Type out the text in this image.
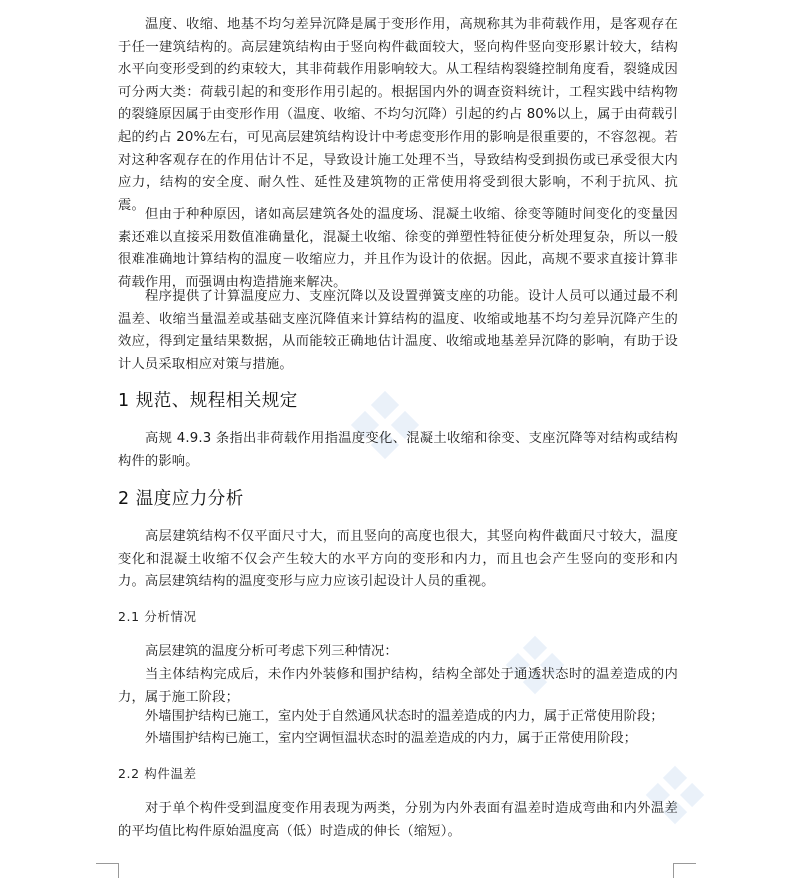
温度、收缩、地基不均匀差异沉降是属于变形作用，高规称其为非荷载作用，是客观存在于任一建筑结构的。高层建筑结构由于竖向构件截面较大，竖向构件竖向变形累计较大，结构水平向变形受到的约束较大，其非荷载作用影响较大。从工程结构裂缝控制角度看，裂缝成因可分两大类：荷载引起的和变形作用引起的。根据国内外的调查资料统计，工程实践中结构物的裂缝原因属于由变形作用（温度、收缩、不均匀沉降）引起的约占 80%以上，属于由荷载引起的约占 20%左右，可见高层建筑结构设计中考虑变形作用的影响是很重要的，不容忽视。若对这种客观存在的作用估计不足，导致设计施工处理不当，导致结构受到损伤或已承受很大内应力，结构的安全度、耐久性、延性及建筑物的正常使用将受到很大影响，不利于抗风、抗震。

但由于种种原因，诸如高层建筑各处的温度场、混凝土收缩、徐变等随时间变化的变量因素还难以直接采用数值准确量化，混凝土收缩、徐变的弹塑性特征使分析处理复杂，所以一般很难准确地计算结构的温度－收缩应力，并且作为设计的依据。因此，高规不要求直接计算非荷载作用，而强调由构造措施来解决。

程序提供了计算温度应力、支座沉降以及设置弹簧支座的功能。设计人员可以通过最不利温差、收缩当量温差或基础支座沉降值来计算结构的温度、收缩或地基不均匀差异沉降产生的效应，得到定量结果数据，从而能较正确地估计温度、收缩或地基差异沉降的影响，有助于设计人员采取相应对策与措施。

1 规范、规程相关规定

高规 4.9.3 条指出非荷载作用指温度变化、混凝土收缩和徐变、支座沉降等对结构或结构构件的影响。

2 温度应力分析

高层建筑结构不仅平面尺寸大，而且竖向的高度也很大，其竖向构件截面尺寸较大，温度变化和混凝土收缩不仅会产生较大的水平方向的变形和内力，而且也会产生竖向的变形和内力。高层建筑结构的温度变形与应力应该引起设计人员的重视。

2.1 分析情况

高层建筑的温度分析可考虑下列三种情况：

当主体结构完成后，未作内外装修和围护结构，结构全部处于通透状态时的温差造成的内力，属于施工阶段；

外墙围护结构已施工，室内处于自然通风状态时的温差造成的内力，属于正常使用阶段；

外墙围护结构已施工，室内空调恒温状态时的温差造成的内力，属于正常使用阶段；

2.2 构件温差

对于单个构件受到温度变作用表现为两类，分别为内外表面有温差时造成弯曲和内外温差的平均值比构件原始温度高（低）时造成的伸长（缩短）。
